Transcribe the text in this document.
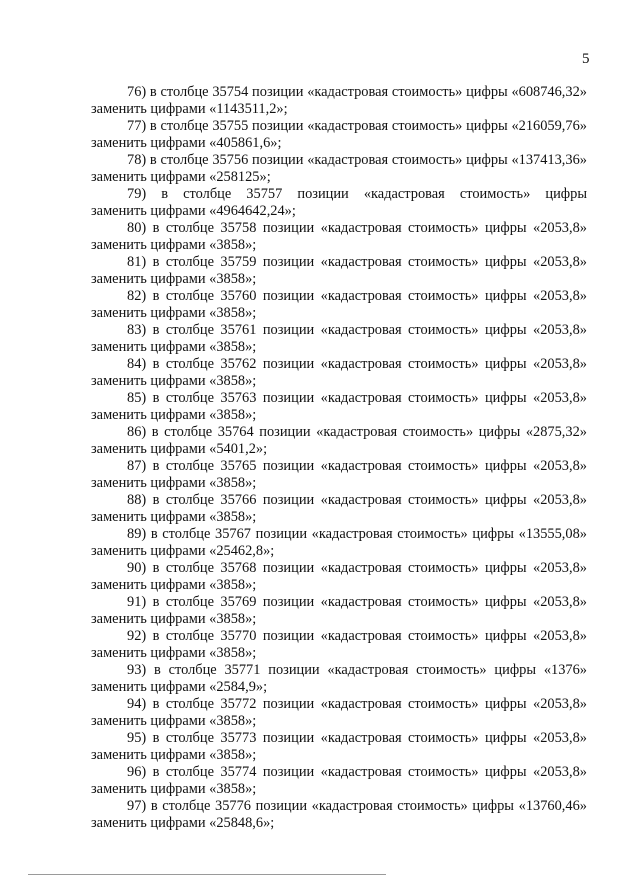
5

76) в столбце 35754 позиции «кадастровая стоимость» цифры «608746,32»

заменить цифрами «1143511,2»;

77) в столбце 35755 позиции «кадастровая стоимость» цифры «216059,76»

заменить цифрами «405861,6»;

78) в столбце 35756 позиции «кадастровая стоимость» цифры «137413,36»

заменить цифрами «258125»;

79) в столбце 35757 позиции «кадастровая стоимость» цифры

заменить цифрами «4964642,24»;

80) в столбце 35758 позиции «кадастровая стоимость» цифры «2053,8»

заменить цифрами «3858»;

81) в столбце 35759 позиции «кадастровая стоимость» цифры «2053,8»

заменить цифрами «3858»;

82) в столбце 35760 позиции «кадастровая стоимость» цифры «2053,8»

заменить цифрами «3858»;

83) в столбце 35761 позиции «кадастровая стоимость» цифры «2053,8»

заменить цифрами «3858»;

84) в столбце 35762 позиции «кадастровая стоимость» цифры «2053,8»

заменить цифрами «3858»;

85) в столбце 35763 позиции «кадастровая стоимость» цифры «2053,8»

заменить цифрами «3858»;

86) в столбце 35764 позиции «кадастровая стоимость» цифры «2875,32»

заменить цифрами «5401,2»;

87) в столбце 35765 позиции «кадастровая стоимость» цифры «2053,8»

заменить цифрами «3858»;

88) в столбце 35766 позиции «кадастровая стоимость» цифры «2053,8»

заменить цифрами «3858»;

89) в столбце 35767 позиции «кадастровая стоимость» цифры «13555,08»

заменить цифрами «25462,8»;

90) в столбце 35768 позиции «кадастровая стоимость» цифры «2053,8»

заменить цифрами «3858»;

91) в столбце 35769 позиции «кадастровая стоимость» цифры «2053,8»

заменить цифрами «3858»;

92) в столбце 35770 позиции «кадастровая стоимость» цифры «2053,8»

заменить цифрами «3858»;

93) в столбце 35771 позиции «кадастровая стоимость» цифры «1376»

заменить цифрами «2584,9»;

94) в столбце 35772 позиции «кадастровая стоимость» цифры «2053,8»

заменить цифрами «3858»;

95) в столбце 35773 позиции «кадастровая стоимость» цифры «2053,8»

заменить цифрами «3858»;

96) в столбце 35774 позиции «кадастровая стоимость» цифры «2053,8»

заменить цифрами «3858»;

97) в столбце 35776 позиции «кадастровая стоимость» цифры «13760,46»

заменить цифрами «25848,6»;
